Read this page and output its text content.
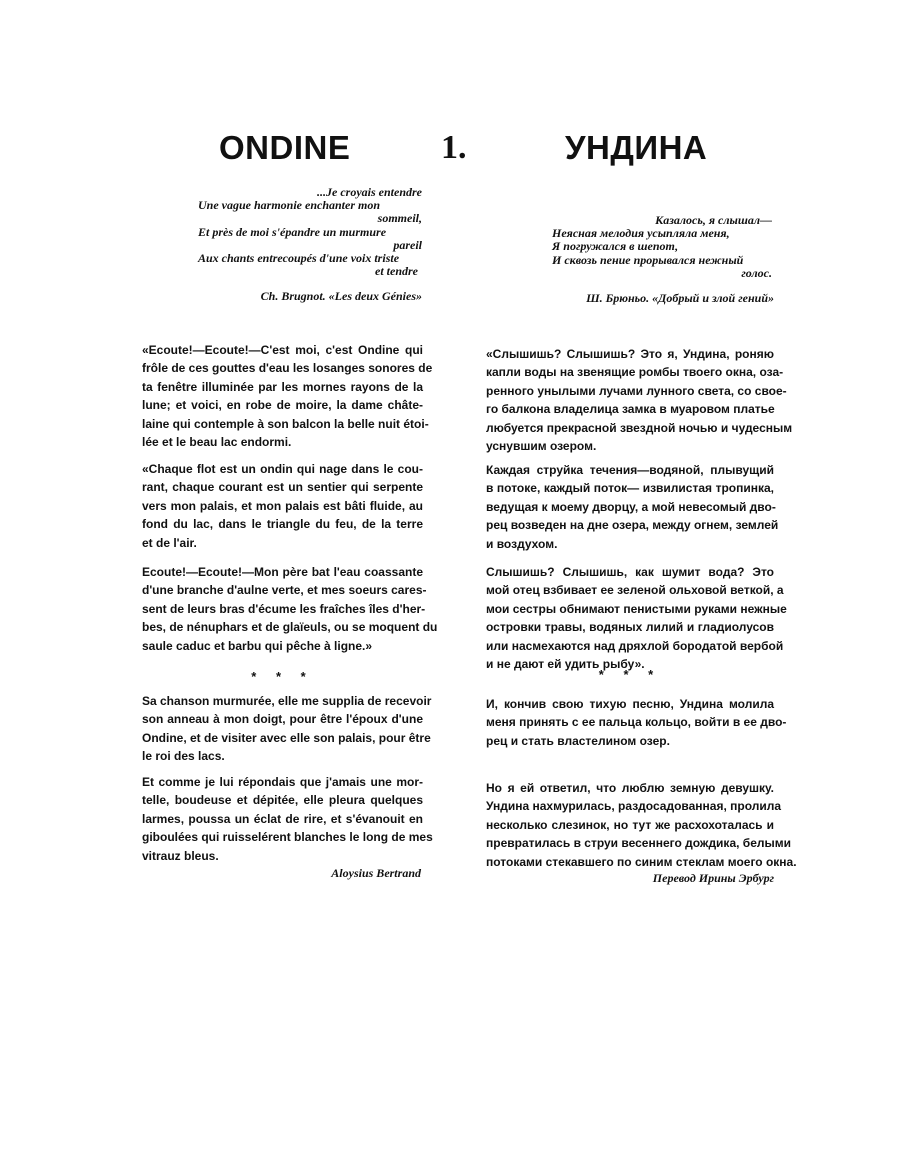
ONDINE	1.	УНДИНА
...Je croyais entendre
Une vague harmonie enchanter mon
sommeil,
Et près de moi s'épandre un murmure
pareil
Aux chants entrecoupés d'une voix triste
et tendre
Ch. Brugnot. «Les deux Génies»
«Ecoute!—Ecoute!—C'est moi, c'est Ondine qui
frôle de ces gouttes d'eau les losanges sonores de
ta fenêtre illuminée par les mornes rayons de la
lune; et voici, en robe de moire, la dame châte-
laine qui contemple à son balcon la belle nuit étoi-
lée et le beau lac endormi.
«Chaque flot est un ondin qui nage dans le cou-
rant, chaque courant est un sentier qui serpente
vers mon palais, et mon palais est bâti fluide, au
fond du lac, dans le triangle du feu, de la terre
et de l'air.
Ecoute!—Ecoute!—Mon père bat l'eau coassante
d'une branche d'aulne verte, et mes soeurs cares-
sent de leurs bras d'écume les fraîches îles d'her-
bes, de nénuphars et de glaïeuls, ou se moquent du
saule caduc et barbu qui pêche à ligne.»
* * *
Sa chanson murmurée, elle me supplia de recevoir
son anneau à mon doigt, pour être l'époux d'une
Ondine, et de visiter avec elle son palais, pour être
le roi des lacs.
Et comme je lui répondais que j'amais une mor-
telle, boudeuse et dépitée, elle pleura quelques
larmes, poussa un éclat de rire, et s'évanouit en
giboulées qui ruisselérent blanches le long de mes
vitrauz bleus.
Aloysius Bertrand
Казалось, я слышал—
Неясная мелодия усыпляла меня,
Я погружался в шепот,
И сквозь пение прорывался нежный
голос.
Ш. Брюньо. «Добрый и злой гений»
«Слышишь? Слышишь? Это я, Ундина, роняю
капли воды на звенящие ромбы твоего окна, оза-
ренного унылыми лучами лунного света, со свое-
го балкона владелица замка в муаровом платье
любуется прекрасной звездной ночью и чудесным
уснувшим озером.
Каждая струйка течения—водяной, плывущий
в потоке, каждый поток— извилистая тропинка,
ведущая к моему дворцу, а мой невесомый дво-
рец возведен на дне озера, между огнем, землей
и воздухом.
Слышишь? Слышишь, как шумит вода? Это
мой отец взбивает ее зеленой ольховой веткой, а
мои сестры обнимают пенистыми руками нежные
островки травы, водяных лилий и гладиолусов
или насмехаются над дряхлой бородатой вербой
и не дают ей удить рыбу».
* * *
И, кончив свою тихую песню, Ундина молила
меня принять с ее пальца кольцо, войти в ее дво-
рец и стать властелином озер.
Но я ей ответил, что люблю земную девушку.
Ундина нахмурилась, раздосадованная, пролила
несколько слезинок, но тут же расхохоталась и
превратилась в струи весеннего дождика, белыми
потоками стекавшего по синим стеклам моего окна.
Перевод Ирины Эрбург
